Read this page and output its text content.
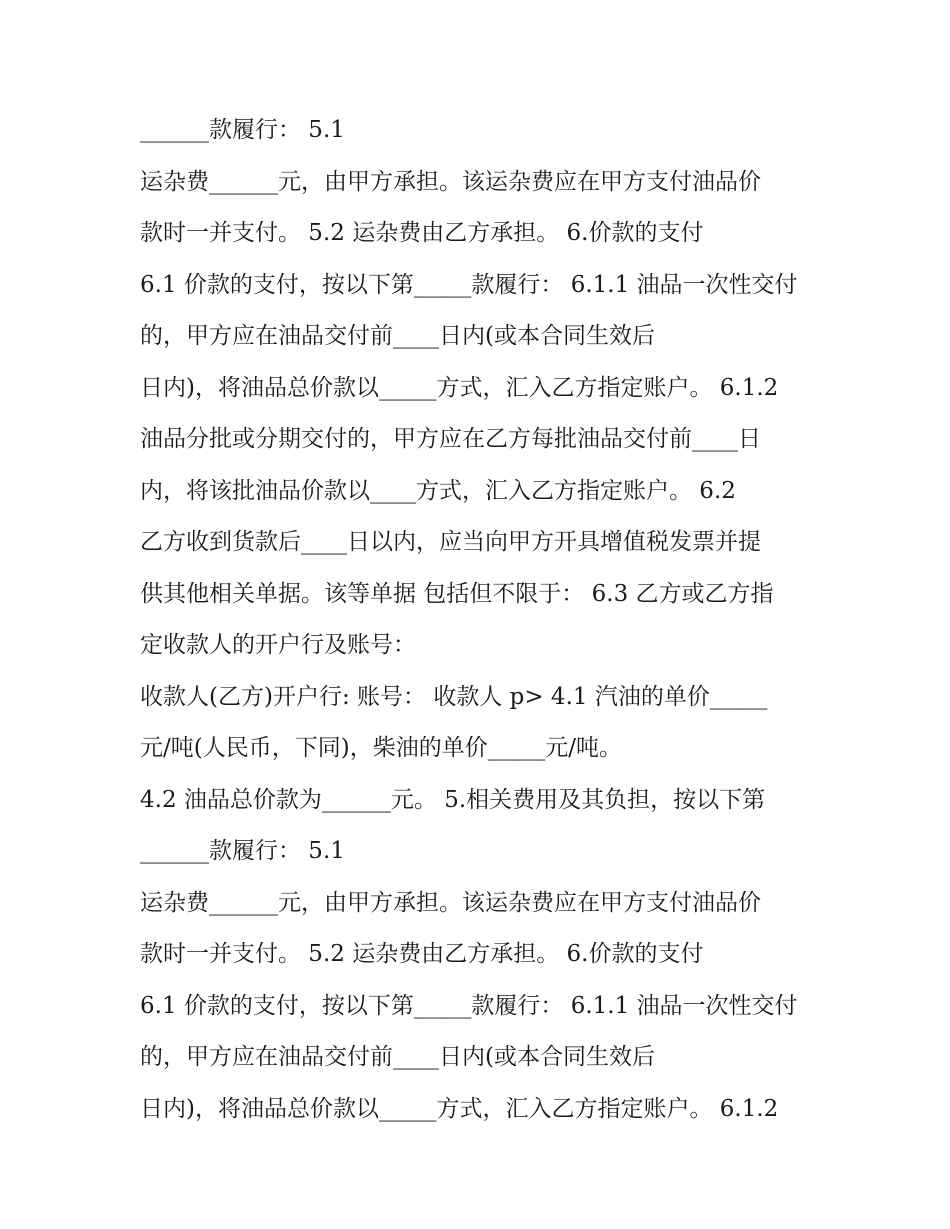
______款履行： 5.1
运杂费______元，由甲方承担。该运杂费应在甲方支付油品价
款时一并支付。 5.2 运杂费由乙方承担。 6.价款的支付
6.1 价款的支付，按以下第_____款履行： 6.1.1 油品一次性交付
的，甲方应在油品交付前____日内(或本合同生效后
日内)，将油品总价款以_____方式，汇入乙方指定账户。 6.1.2
油品分批或分期交付的，甲方应在乙方每批油品交付前____日
内，将该批油品价款以____方式，汇入乙方指定账户。 6.2
乙方收到货款后____日以内，应当向甲方开具增值税发票并提
供其他相关单据。该等单据 包括但不限于： 6.3 乙方或乙方指
定收款人的开户行及账号：
收款人(乙方)开户行: 账号： 收款人 p> 4.1 汽油的单价_____
元/吨(人民币，下同)，柴油的单价_____元/吨。
4.2 油品总价款为______元。 5.相关费用及其负担，按以下第
______款履行： 5.1
运杂费______元，由甲方承担。该运杂费应在甲方支付油品价
款时一并支付。 5.2 运杂费由乙方承担。 6.价款的支付
6.1 价款的支付，按以下第_____款履行： 6.1.1 油品一次性交付
的，甲方应在油品交付前____日内(或本合同生效后
日内)，将油品总价款以_____方式，汇入乙方指定账户。 6.1.2
